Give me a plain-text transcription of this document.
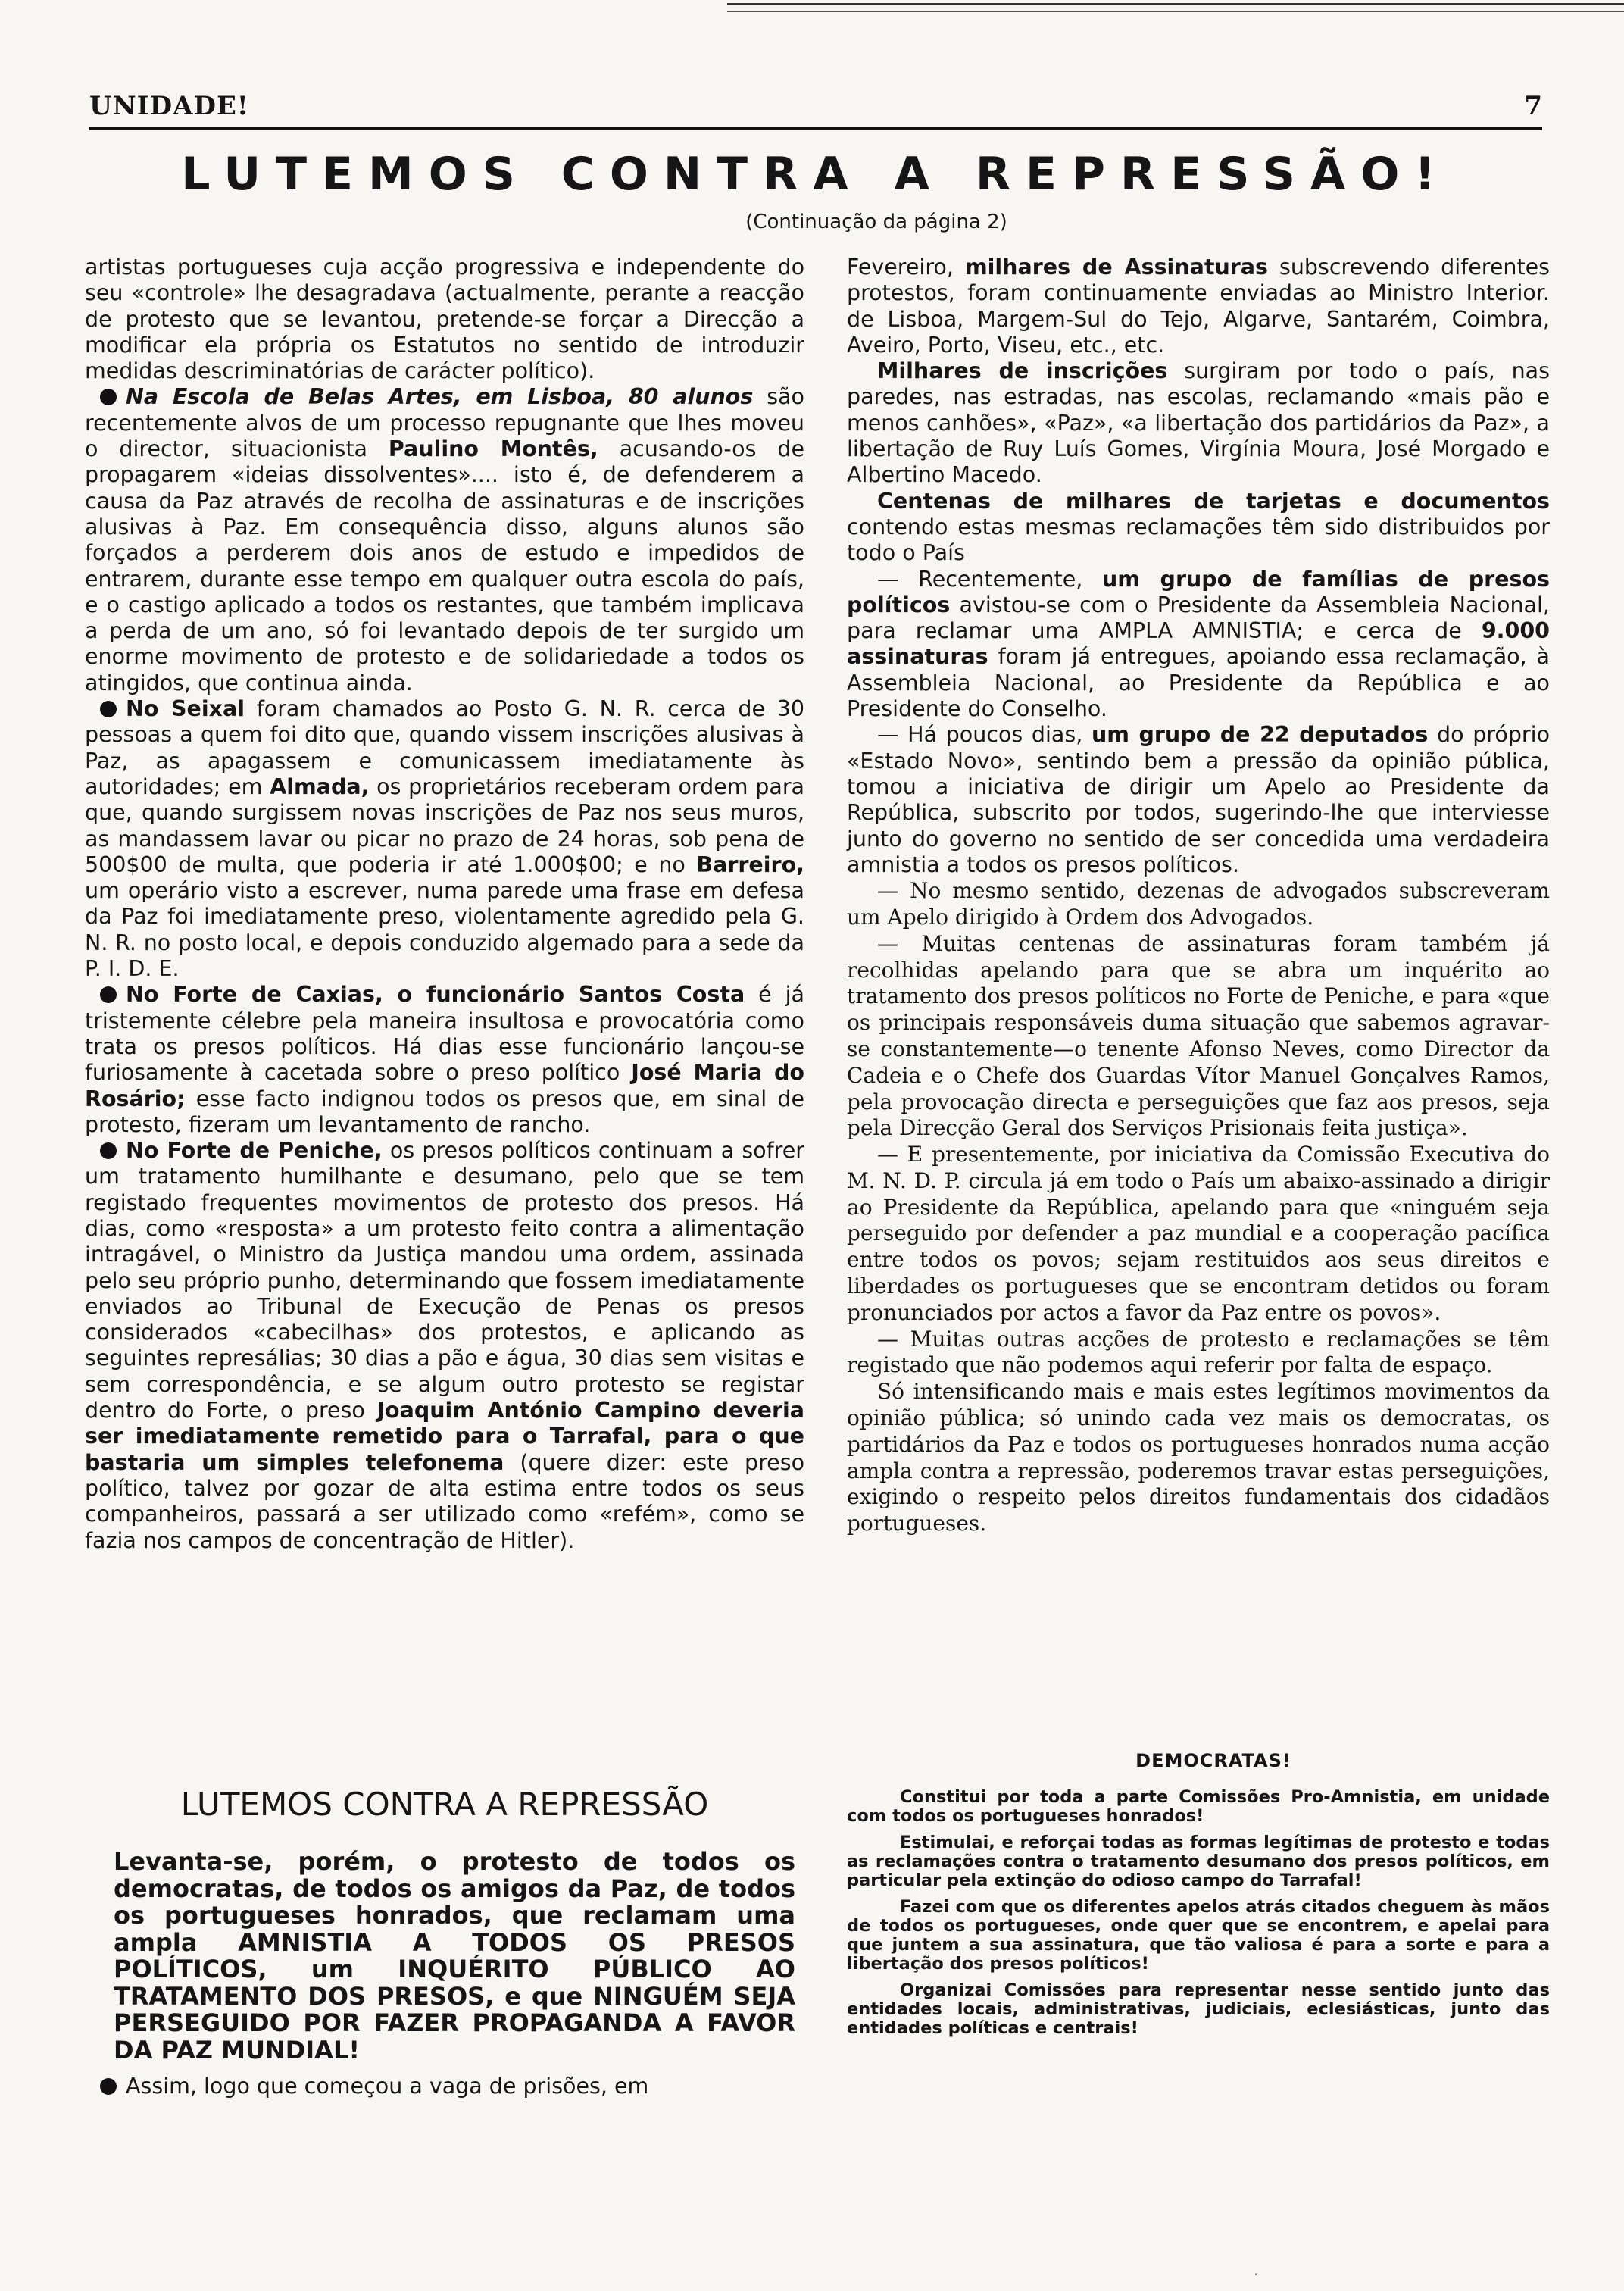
UNIDADE!	7
LUTEMOS CONTRA A REPRESSÃO!
(Continuação da página 2)

artistas portugueses cuja acção progressiva e independente do seu «controle» lhe desagradava (actualmente, perante a reacção de protesto que se levantou, pretende-se forçar a Direcção a modificar ela própria os Estatutos no sentido de introduzir medidas descriminatórias de carácter político).

Na Escola de Belas Artes, em Lisboa, 80 alunos são recentemente alvos de um processo repugnante que lhes moveu o director, situacionista Paulino Montês, acusando-os de propagarem «ideias dissolventes».... isto é, de defenderem a causa da Paz através de recolha de assinaturas e de inscrições alusivas à Paz. Em consequência disso, alguns alunos são forçados a perderem dois anos de estudo e impedidos de entrarem, durante esse tempo em qualquer outra escola do país, e o castigo aplicado a todos os restantes, que também implicava a perda de um ano, só foi levantado depois de ter surgido um enorme movimento de protesto e de solidariedade a todos os atingidos, que continua ainda.

No Seixal foram chamados ao Posto G. N. R. cerca de 30 pessoas a quem foi dito que, quando vissem inscrições alusivas à Paz, as apagassem e comunicassem imediatamente às autoridades; em Almada, os proprietários receberam ordem para que, quando surgissem novas inscrições de Paz nos seus muros, as mandassem lavar ou picar no prazo de 24 horas, sob pena de 500$00 de multa, que poderia ir até 1.000$00; e no Barreiro, um operário visto a escrever, numa parede uma frase em defesa da Paz foi imediatamente preso, violentamente agredido pela G. N. R. no posto local, e depois conduzido algemado para a sede da P. I. D. E.

No Forte de Caxias, o funcionário Santos Costa é já tristemente célebre pela maneira insultosa e provocatória como trata os presos políticos. Há dias esse funcionário lançou-se furiosamente à cacetada sobre o preso político José Maria do Rosário; esse facto indignou todos os presos que, em sinal de protesto, fizeram um levantamento de rancho.

No Forte de Peniche, os presos políticos continuam a sofrer um tratamento humilhante e desumano, pelo que se tem registado frequentes movimentos de protesto dos presos. Há dias, como «resposta» a um protesto feito contra a alimentação intragável, o Ministro da Justiça mandou uma ordem, assinada pelo seu próprio punho, determinando que fossem imediatamente enviados ao Tribunal de Execução de Penas os presos considerados «cabecilhas» dos protestos, e aplicando as seguintes represálias; 30 dias a pão e água, 30 dias sem visitas e sem correspondência, e se algum outro protesto se registar dentro do Forte, o preso Joaquim António Campino deveria ser imediatamente remetido para o Tarrafal, para o que bastaria um simples telefonema (quere dizer: este preso político, talvez por gozar de alta estima entre todos os seus companheiros, passará a ser utilizado como «refém», como se fazia nos campos de concentração de Hitler).

Fevereiro, milhares de Assinaturas subscrevendo diferentes protestos, foram continuamente enviadas ao Ministro Interior. de Lisboa, Margem-Sul do Tejo, Algarve, Santarém, Coimbra, Aveiro, Porto, Viseu, etc., etc.

Milhares de inscrições surgiram por todo o país, nas paredes, nas estradas, nas escolas, reclamando «mais pão e menos canhões», «Paz», «a libertação dos partidários da Paz», a libertação de Ruy Luís Gomes, Virgínia Moura, José Morgado e Albertino Macedo.

Centenas de milhares de tarjetas e documentos contendo estas mesmas reclamações têm sido distribuidos por todo o País

— Recentemente, um grupo de famílias de presos políticos avistou-se com o Presidente da Assembleia Nacional, para reclamar uma AMPLA AMNISTIA; e cerca de 9.000 assinaturas foram já entregues, apoiando essa reclamação, à Assembleia Nacional, ao Presidente da República e ao Presidente do Conselho.

— Há poucos dias, um grupo de 22 deputados do próprio «Estado Novo», sentindo bem a pressão da opinião pública, tomou a iniciativa de dirigir um Apelo ao Presidente da República, subscrito por todos, sugerindo-lhe que interviesse junto do governo no sentido de ser concedida uma verdadeira amnistia a todos os presos políticos.

— No mesmo sentido, dezenas de advogados subscreveram um Apelo dirigido à Ordem dos Advogados.

— Muitas centenas de assinaturas foram também já recolhidas apelando para que se abra um inquérito ao tratamento dos presos políticos no Forte de Peniche, e para «que os principais responsáveis duma situação que sabemos agravar-se constantemente—o tenente Afonso Neves, como Director da Cadeia e o Chefe dos Guardas Vítor Manuel Gonçalves Ramos, pela provocação directa e perseguições que faz aos presos, seja pela Direcção Geral dos Serviços Prisionais feita justiça».

— E presentemente, por iniciativa da Comissão Executiva do M. N. D. P. circula já em todo o País um abaixo-assinado a dirigir ao Presidente da República, apelando para que «ninguém seja perseguido por defender a paz mundial e a cooperação pacífica entre todos os povos; sejam restituidos aos seus direitos e liberdades os portugueses que se encontram detidos ou foram pronunciados por actos a favor da Paz entre os povos».

— Muitas outras acções de protesto e reclamações se têm registado que não podemos aqui referir por falta de espaço.

Só intensificando mais e mais estes legítimos movimentos da opinião pública; só unindo cada vez mais os democratas, os partidários da Paz e todos os portugueses honrados numa acção ampla contra a repressão, poderemos travar estas perseguições, exigindo o respeito pelos direitos fundamentais dos cidadãos portugueses.

LUTEMOS CONTRA A REPRESSÃO
Levanta-se, porém, o protesto de todos os democratas, de todos os amigos da Paz, de todos os portugueses honrados, que reclamam uma ampla AMNISTIA A TODOS OS PRESOS POLÍTICOS, um INQUÉRITO PÚBLICO AO TRATAMENTO DOS PRESOS, e que NINGUÉM SEJA PERSEGUIDO POR FAZER PROPAGANDA A FAVOR DA PAZ MUNDIAL!
Assim, logo que começou a vaga de prisões, em
DEMOCRATAS!

Constitui por toda a parte Comissões Pro-Amnistia, em unidade com todos os portugueses honrados!

Estimulai, e reforçai todas as formas legítimas de protesto e todas as reclamações contra o tratamento desumano dos presos políticos, em particular pela extinção do odioso campo do Tarrafal!

Fazei com que os diferentes apelos atrás citados cheguem às mãos de todos os portugueses, onde quer que se encontrem, e apelai para que juntem a sua assinatura, que tão valiosa é para a sorte e para a libertação dos presos políticos!

Organizai Comissões para representar nesse sentido junto das entidades locais, administrativas, judiciais, eclesiásticas, junto das entidades políticas e centrais!

·
